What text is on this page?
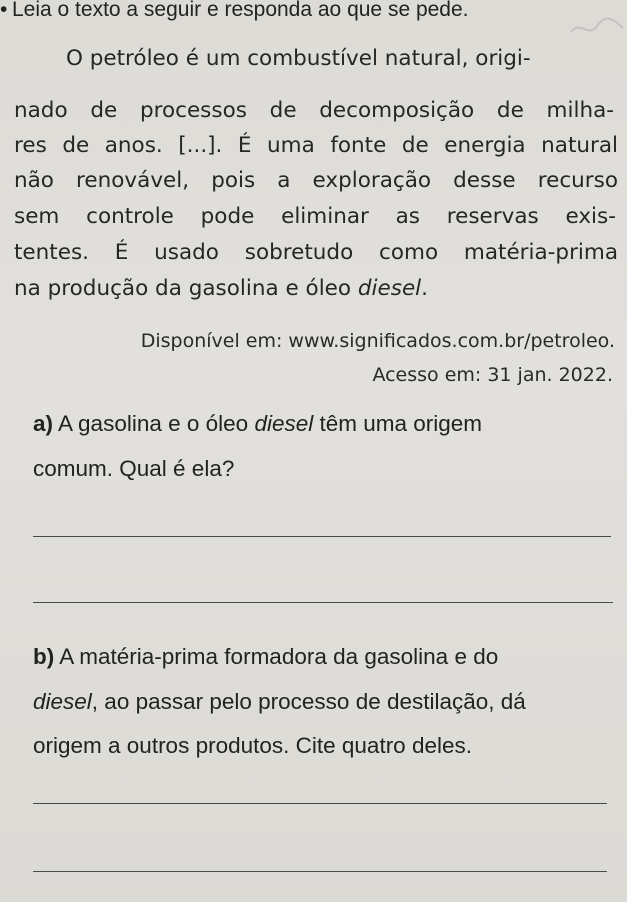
• Leia o texto a seguir e responda ao que se pede.
O petróleo é um combustível natural, origi-
nado de processos de decomposição de milha-
res de anos. [...]. É uma fonte de energia natural
não renovável, pois a exploração desse recurso
sem controle pode eliminar as reservas exis-
tentes. É usado sobretudo como matéria-prima
na produção da gasolina e óleo diesel.
Disponível em: www.significados.com.br/petroleo.
Acesso em: 31 jan. 2022.
a) A gasolina e o óleo diesel têm uma origem
comum. Qual é ela?
b) A matéria-prima formadora da gasolina e do
diesel, ao passar pelo processo de destilação, dá
origem a outros produtos. Cite quatro deles.
